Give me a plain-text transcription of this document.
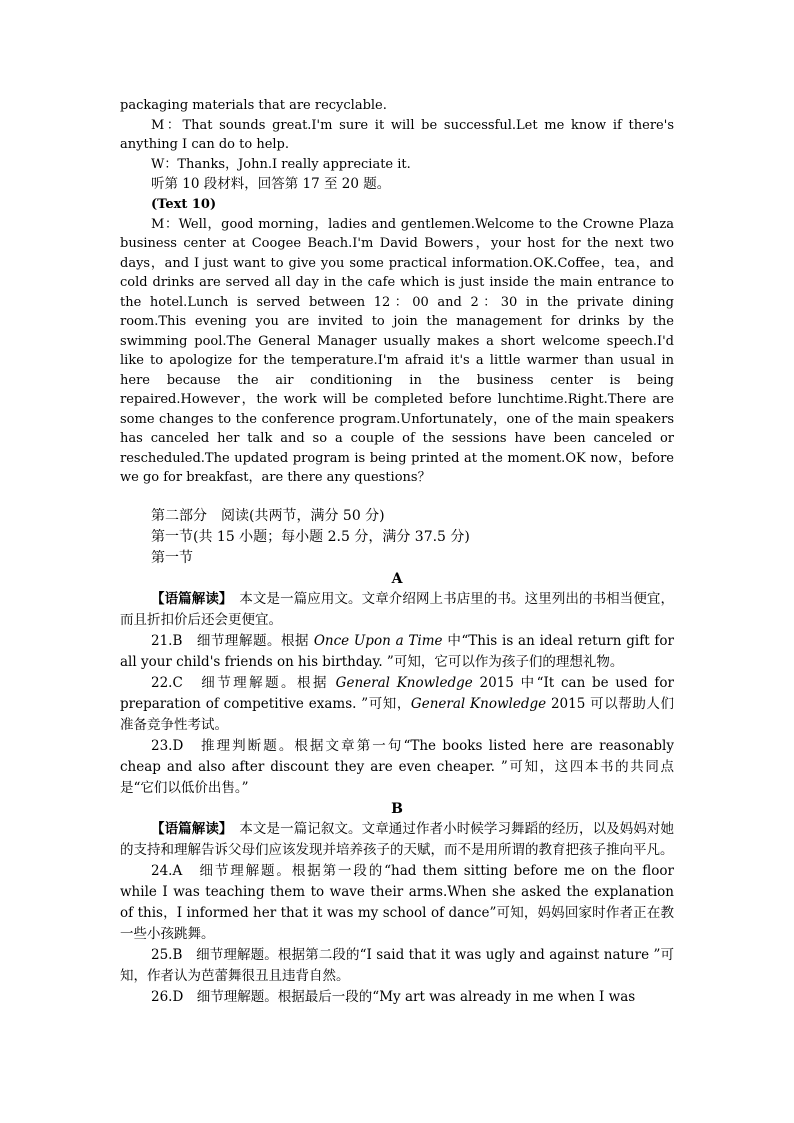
packaging materials that are recyclable.

M：That sounds great.I'm sure it will be successful.Let me know if there's anything I can do to help.

W：Thanks，John.I really appreciate it.

听第 10 段材料，回答第 17 至 20 题。

(Text 10)

M：Well，good morning，ladies and gentlemen.Welcome to the Crowne Plaza business center at Coogee Beach.I'm David Bowers，your host for the next two days，and I just want to give you some practical information.OK.Coffee，tea，and cold drinks are served all day in the cafe which is just inside the main entrance to the hotel.Lunch is served between 12：00 and 2：30 in the private dining room.This evening you are invited to join the management for drinks by the swimming pool.The General Manager usually makes a short welcome speech.I'd like to apologize for the temperature.I'm afraid it's a little warmer than usual in here because the air conditioning in the business center is being repaired.However，the work will be completed before lunchtime.Right.There are some changes to the conference program.Unfortunately，one of the main speakers has canceled her talk and so a couple of the sessions have been canceled or rescheduled.The updated program is being printed at the moment.OK now，before we go for breakfast，are there any questions？

第二部分　阅读(共两节，满分 50 分)

第一节(共 15 小题；每小题 2.5 分，满分 37.5 分)

第一节

A

【语篇解读】　本文是一篇应用文。文章介绍网上书店里的书。这里列出的书相当便宜，而且折扣价后还会更便宜。

21.B　细节理解题。根据 Once Upon a Time 中“This is an ideal return gift for all your child's friends on his birthday. ”可知，它可以作为孩子们的理想礼物。

22.C　细节理解题。根据 General Knowledge 2015 中“It can be used for preparation of competitive exams. ”可知，General Knowledge 2015 可以帮助人们准备竞争性考试。

23.D　推理判断题。根据文章第一句“The books listed here are reasonably cheap and also after discount they are even cheaper. ”可知，这四本书的共同点是“它们以低价出售。”

B

【语篇解读】　本文是一篇记叙文。文章通过作者小时候学习舞蹈的经历，以及妈妈对她的支持和理解告诉父母们应该发现并培养孩子的天赋，而不是用所谓的教育把孩子推向平凡。

24.A　细节理解题。根据第一段的“had them sitting before me on the floor while I was teaching them to wave their arms.When she asked the explanation of this，I informed her that it was my school of dance”可知，妈妈回家时作者正在教一些小孩跳舞。

25.B　细节理解题。根据第二段的“I said that it was ugly and against nature ”可知，作者认为芭蕾舞很丑且违背自然。

26.D　细节理解题。根据最后一段的“My art was already in me when I was
